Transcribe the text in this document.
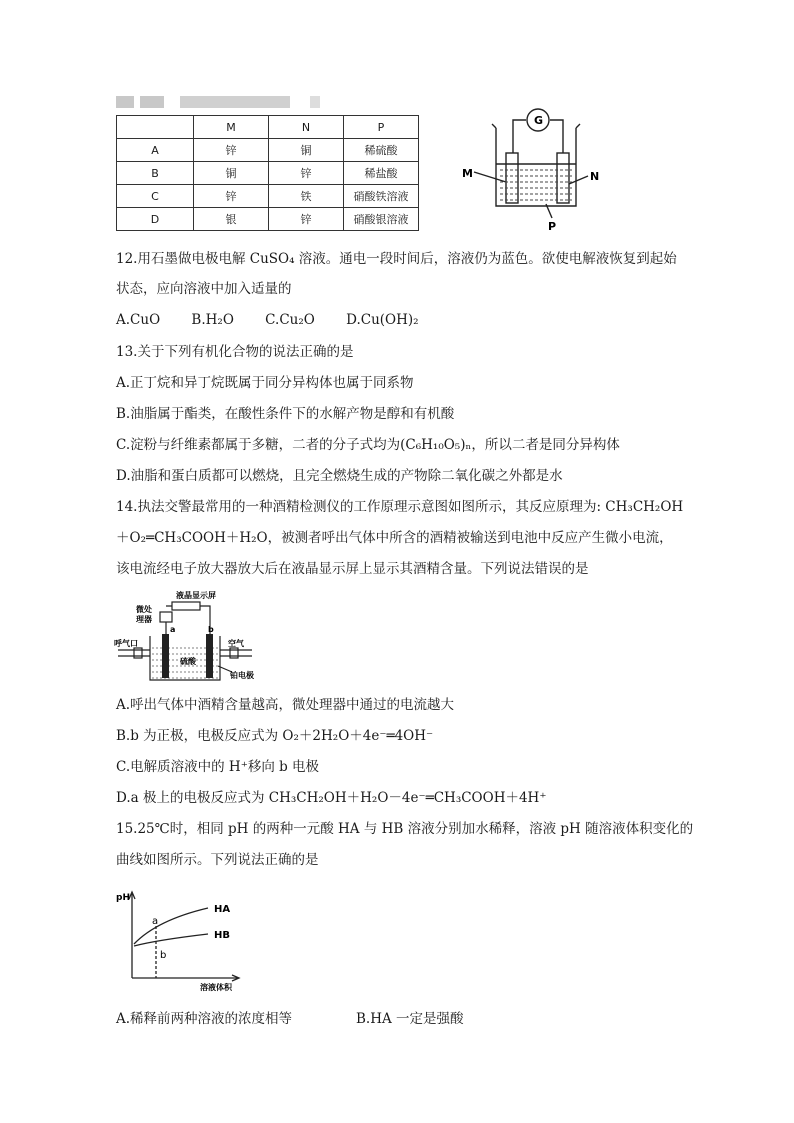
	M	N	P
A	锌	铜	稀硫酸
B	铜	锌	稀盐酸
C	锌	铁	硝酸铁溶液
D	银	锌	硝酸银溶液
G
M	N
P
12.用石墨做电极电解 CuSO₄ 溶液。通电一段时间后，溶液仍为蓝色。欲使电解液恢复到起始
状态，应向溶液中加入适量的
A.CuO　　 B.H₂O　　 C.Cu₂O　　 D.Cu(OH)₂
13.关于下列有机化合物的说法正确的是
A.正丁烷和异丁烷既属于同分异构体也属于同系物
B.油脂属于酯类，在酸性条件下的水解产物是醇和有机酸
C.淀粉与纤维素都属于多糖，二者的分子式均为(C₆H₁₀O₅)ₙ，所以二者是同分异构体
D.油脂和蛋白质都可以燃烧，且完全燃烧生成的产物除二氧化碳之外都是水
14.执法交警最常用的一种酒精检测仪的工作原理示意图如图所示，其反应原理为: CH₃CH₂OH
＋O₂═CH₃COOH＋H₂O，被测者呼出气体中所含的酒精被输送到电池中反应产生微小电流，
该电流经电子放大器放大后在液晶显示屏上显示其酒精含量。下列说法错误的是
液晶显示屏
微处
理器
a	b
呼气口	空气
硫酸
铂电极
A.呼出气体中酒精含量越高，微处理器中通过的电流越大
B.b 为正极，电极反应式为 O₂＋2H₂O＋4e⁻═4OH⁻
C.电解质溶液中的 H⁺移向 b 电极
D.a 极上的电极反应式为 CH₃CH₂OH＋H₂O－4e⁻═CH₃COOH＋4H⁺
15.25℃时，相同 pH 的两种一元酸 HA 与 HB 溶液分别加水稀释，溶液 pH 随溶液体积变化的
曲线如图所示。下列说法正确的是
pH
HA
HB
a
b
溶液体积
A.稀释前两种溶液的浓度相等	B.HA 一定是强酸
